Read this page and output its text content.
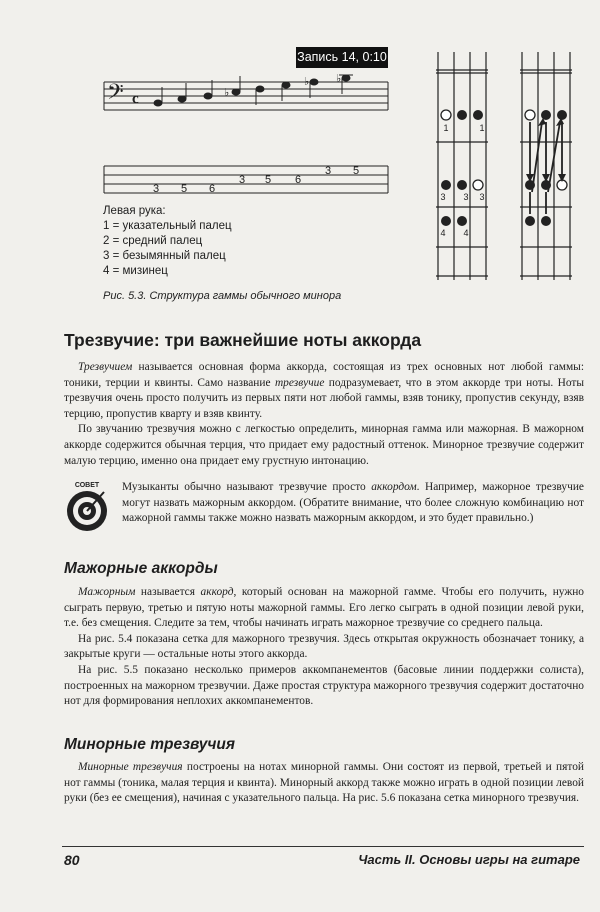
Запись 14, 0:10
𝄢 c	♭
♭ ♭
3 5 6
3 5 6
3 5
Левая рука:
1 = указательный палец
2 = средний палец
3 = безымянный палец
4 = мизинец
Рис. 5.3. Структура гаммы обычного минора
1	1
3 3 3
4 4
Трезвучие: три важнейшие ноты аккорда

Трезвучием называется основная форма аккорда, состоящая из трех основных нот любой гаммы: тоники, терции и квинты. Само название трезвучие подразумевает, что в этом аккорде три ноты. Ноты трезвучия очень просто получить из первых пяти нот любой гаммы, взяв тонику, пропустив секунду, взяв терцию, пропустив кварту и взяв квинту.

По звучанию трезвучия можно с легкостью определить, минорная гамма или мажорная. В мажорном аккорде содержится обычная терция, что придает ему радостный оттенок. Минорное трезвучие содержит малую терцию, именно она придает ему грустную интонацию.

СОВЕТ Музыканты обычно называют трезвучие просто аккордом. Например, мажорное трезвучие могут назвать мажорным аккордом. (Обратите внимание, что более сложную комбинацию нот мажорной гаммы также можно назвать мажорным аккордом, и это будет правильно.)

Мажорные аккорды

Мажорным называется аккорд, который основан на мажорной гамме. Чтобы его получить, нужно сыграть первую, третью и пятую ноты мажорной гаммы. Его легко сыграть в одной позиции левой руки, т.е. без смещения. Следите за тем, чтобы начинать играть мажорное трезвучие со среднего пальца.

На рис. 5.4 показана сетка для мажорного трезвучия. Здесь открытая окружность обозначает тонику, а закрытые круги — остальные ноты этого аккорда.

На рис. 5.5 показано несколько примеров аккомпанементов (басовые линии поддержки солиста), построенных на мажорном трезвучии. Даже простая структура мажорного трезвучия содержит достаточно нот для формирования неплохих аккомпанементов.

Минорные трезвучия

Минорные трезвучия построены на нотах минорной гаммы. Они состоят из первой, третьей и пятой нот гаммы (тоника, малая терция и квинта). Минорный аккорд также можно играть в одной позиции левой руки (без ее смещения), начиная с указательного пальца. На рис. 5.6 показана сетка минорного трезвучия.

80	Часть II. Основы игры на гитаре
